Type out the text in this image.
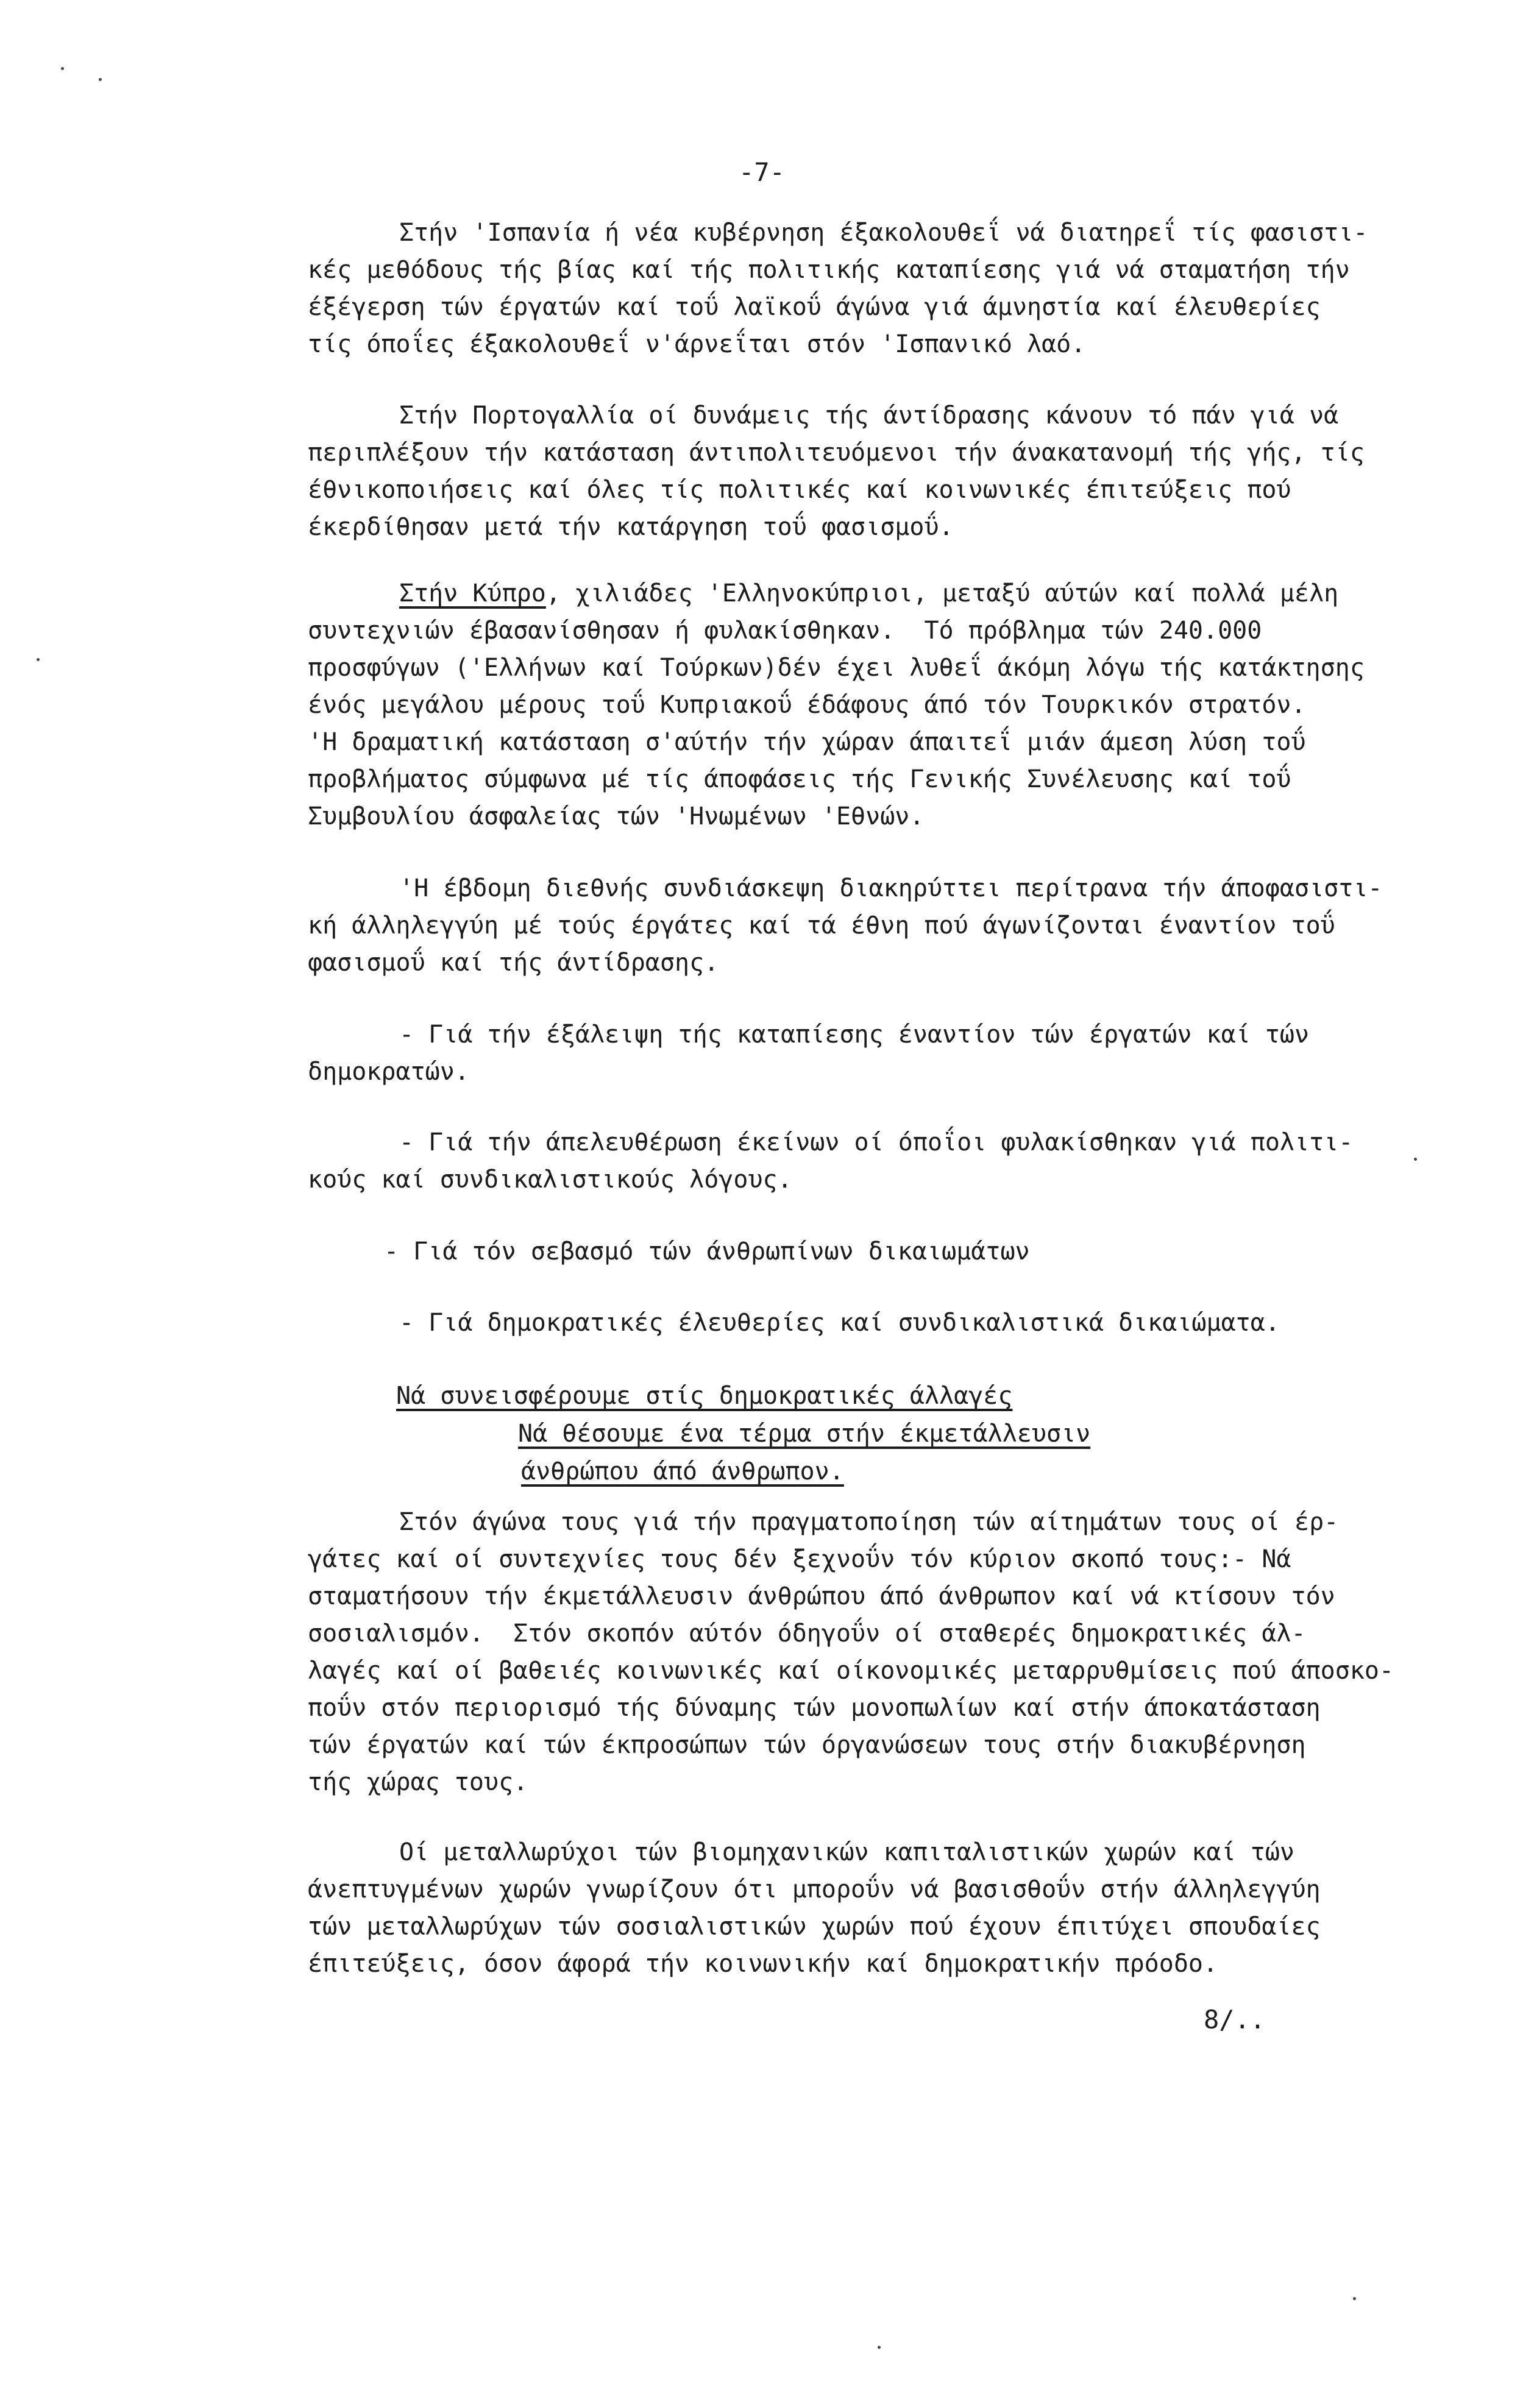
-7-
Στήν 'Ισπανία ή νέα κυβέρνηση έξακολουθεΐ νά διατηρεΐ τίς φασιστι-
κές μεθόδους τής βίας καί τής πολιτικής καταπίεσης γιά νά σταματήση τήν
έξέγερση τών έργατών καί τοΰ λαϊκοΰ άγώνα γιά άμνηστία καί έλευθερίες
τίς όποΐες έξακολουθεΐ ν'άρνεΐται στόν 'Ισπανικό λαό.
Στήν Πορτογαλλία οί δυνάμεις τής άντίδρασης κάνουν τό πάν γιά νά
περιπλέξουν τήν κατάσταση άντιπολιτευόμενοι τήν άνακατανομή τής γής, τίς
έθνικοποιήσεις καί όλες τίς πολιτικές καί κοινωνικές έπιτεύξεις πού
έκερδίθησαν μετά τήν κατάργηση τοΰ φασισμοΰ.
Στήν Κύπρο, χιλιάδες 'Ελληνοκύπριοι, μεταξύ αύτών καί πολλά μέλη
συντεχνιών έβασανίσθησαν ή φυλακίσθηκαν.  Τό πρόβλημα τών 240.000
προσφύγων ('Ελλήνων καί Τούρκων)δέν έχει λυθεΐ άκόμη λόγω τής κατάκτησης
ένός μεγάλου μέρους τοΰ Κυπριακοΰ έδάφους άπό τόν Τουρκικόν στρατόν.
'Η δραματική κατάσταση σ'αύτήν τήν χώραν άπαιτεΐ μιάν άμεση λύση τοΰ
προβλήματος σύμφωνα μέ τίς άποφάσεις τής Γενικής Συνέλευσης καί τοΰ
Συμβουλίου άσφαλείας τών 'Ηνωμένων 'Εθνών.
'Η έβδομη διεθνής συνδιάσκεψη διακηρύττει περίτρανα τήν άποφασιστι-
κή άλληλεγγύη μέ τούς έργάτες καί τά έθνη πού άγωνίζονται έναντίον τοΰ
φασισμοΰ καί τής άντίδρασης.
- Γιά τήν έξάλειψη τής καταπίεσης έναντίον τών έργατών καί τών
δημοκρατών.
- Γιά τήν άπελευθέρωση έκείνων οί όποΐοι φυλακίσθηκαν γιά πολιτι-
κούς καί συνδικαλιστικούς λόγους.
- Γιά τόν σεβασμό τών άνθρωπίνων δικαιωμάτων
- Γιά δημοκρατικές έλευθερίες καί συνδικαλιστικά δικαιώματα.
Νά συνεισφέρουμε στίς δημοκρατικές άλλαγές
Νά θέσουμε ένα τέρμα στήν έκμετάλλευσιν
άνθρώπου άπό άνθρωπον.
Στόν άγώνα τους γιά τήν πραγματοποίηση τών αίτημάτων τους οί έρ-
γάτες καί οί συντεχνίες τους δέν ξεχνοΰν τόν κύριον σκοπό τους:- Νά
σταματήσουν τήν έκμετάλλευσιν άνθρώπου άπό άνθρωπον καί νά κτίσουν τόν
σοσιαλισμόν.  Στόν σκοπόν αύτόν όδηγοΰν οί σταθερές δημοκρατικές άλ-
λαγές καί οί βαθειές κοινωνικές καί οίκονομικές μεταρρυθμίσεις πού άποσκο-
ποΰν στόν περιορισμό τής δύναμης τών μονοπωλίων καί στήν άποκατάσταση
τών έργατών καί τών έκπροσώπων τών όργανώσεων τους στήν διακυβέρνηση
τής χώρας τους.
Οί μεταλλωρύχοι τών βιομηχανικών καπιταλιστικών χωρών καί τών
άνεπτυγμένων χωρών γνωρίζουν ότι μποροΰν νά βασισθοΰν στήν άλληλεγγύη
τών μεταλλωρύχων τών σοσιαλιστικών χωρών πού έχουν έπιτύχει σπουδαίες
έπιτεύξεις, όσον άφορά τήν κοινωνικήν καί δημοκρατικήν πρόοδο.
8/..
